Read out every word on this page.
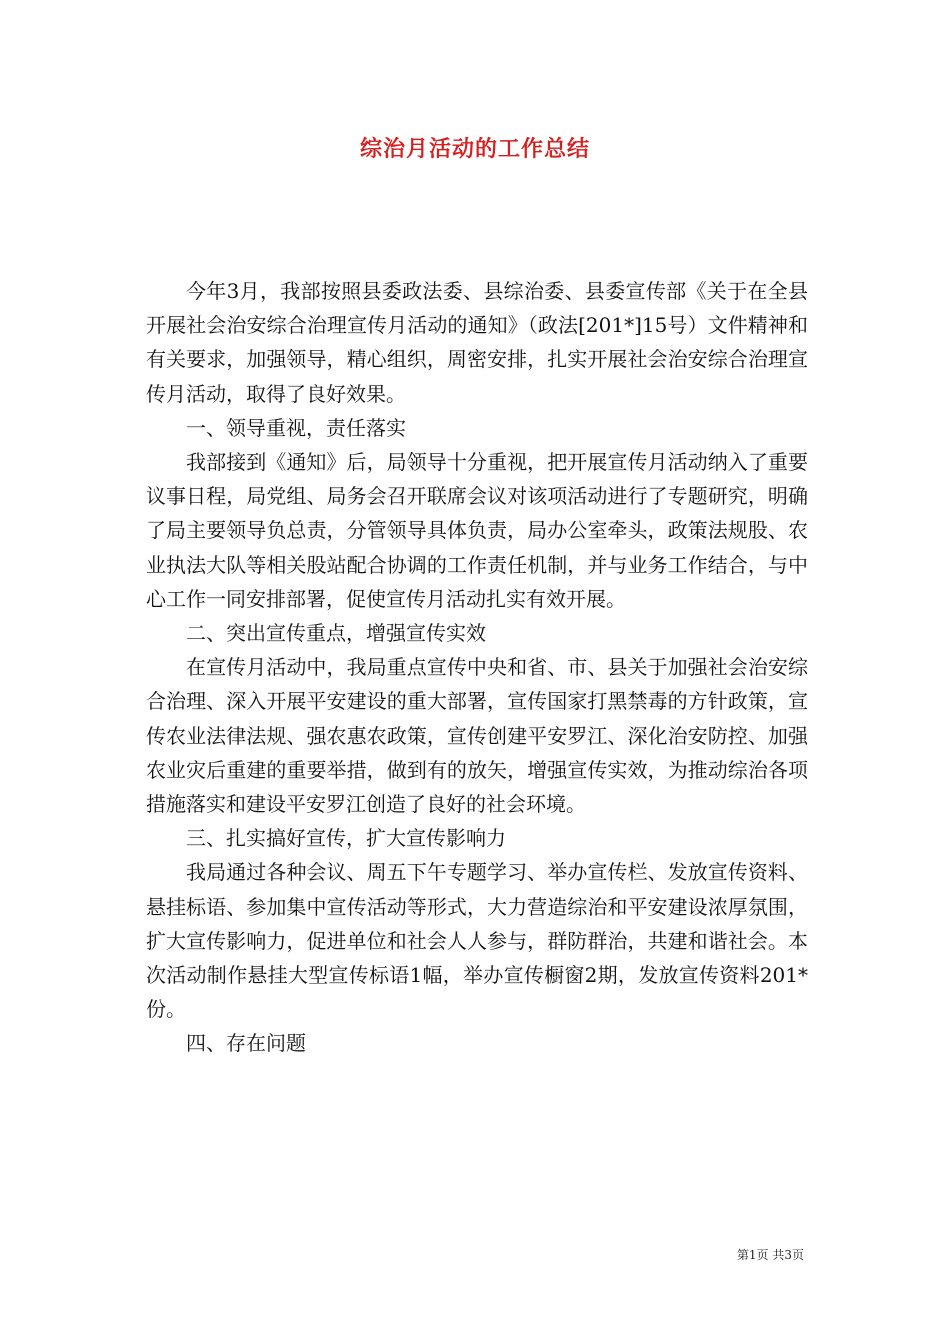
综治月活动的工作总结

今年3月，我部按照县委政法委、县综治委、县委宣传部《关于在全县开展社会治安综合治理宣传月活动的通知》（政法[201*]15号）文件精神和有关要求，加强领导，精心组织，周密安排，扎实开展社会治安综合治理宣传月活动，取得了良好效果。

一、领导重视，责任落实

我部接到《通知》后，局领导十分重视，把开展宣传月活动纳入了重要议事日程，局党组、局务会召开联席会议对该项活动进行了专题研究，明确了局主要领导负总责，分管领导具体负责，局办公室牵头，政策法规股、农业执法大队等相关股站配合协调的工作责任机制，并与业务工作结合，与中心工作一同安排部署，促使宣传月活动扎实有效开展。

二、突出宣传重点，增强宣传实效

在宣传月活动中，我局重点宣传中央和省、市、县关于加强社会治安综合治理、深入开展平安建设的重大部署，宣传国家打黑禁毒的方针政策，宣传农业法律法规、强农惠农政策，宣传创建平安罗江、深化治安防控、加强农业灾后重建的重要举措，做到有的放矢，增强宣传实效，为推动综治各项措施落实和建设平安罗江创造了良好的社会环境。

三、扎实搞好宣传，扩大宣传影响力

我局通过各种会议、周五下午专题学习、举办宣传栏、发放宣传资料、悬挂标语、参加集中宣传活动等形式，大力营造综治和平安建设浓厚氛围，扩大宣传影响力，促进单位和社会人人参与，群防群治，共建和谐社会。本次活动制作悬挂大型宣传标语1幅，举办宣传橱窗2期，发放宣传资料201*份。

四、存在问题

第1页 共3页
